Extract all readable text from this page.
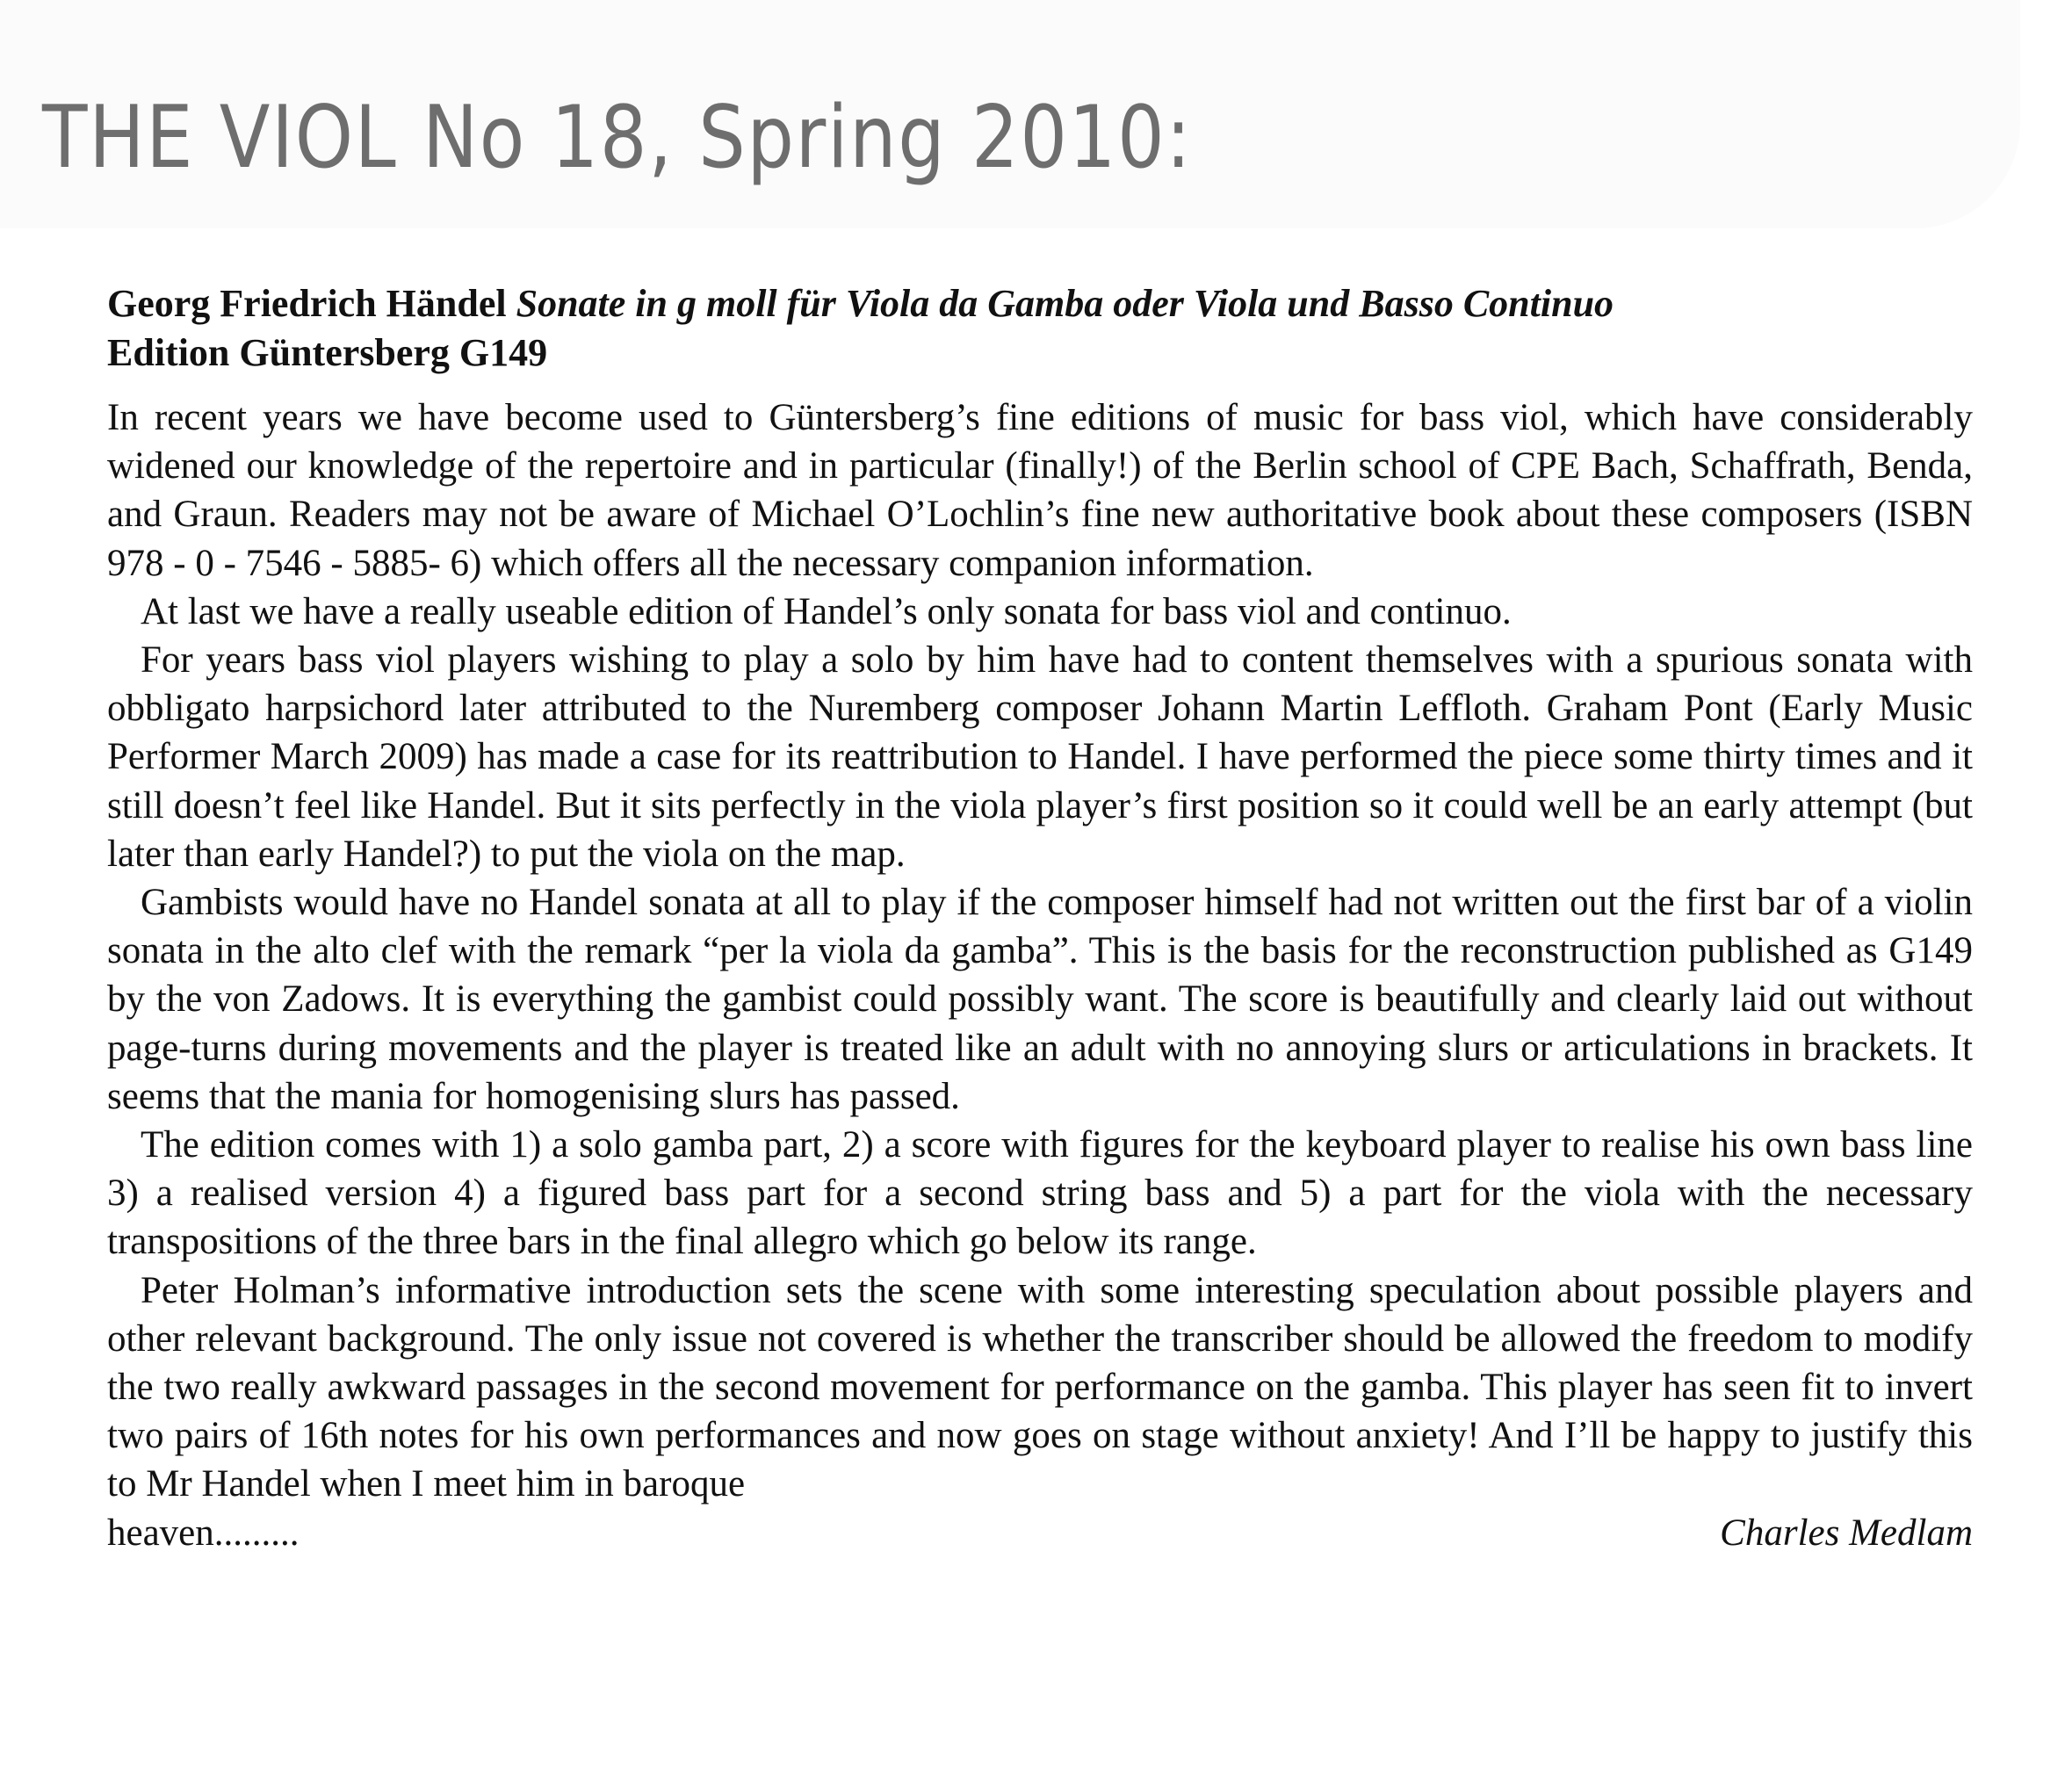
THE VIOL No 18, Spring 2010:
Georg Friedrich Händel Sonate in g moll für Viola da Gamba oder Viola und Basso Continuo
Edition Güntersberg G149

In recent years we have become used to Güntersberg’s fine editions of music for bass viol, which have considerably widened our knowledge of the repertoire and in particular (finally!) of the Berlin school of CPE Bach, Schaffrath, Benda, and Graun. Readers may not be aware of Michael O’Lochlin’s fine new authoritative book about these composers (ISBN 978 - 0 - 7546 - 5885- 6) which offers all the necessary companion information.

At last we have a really useable edition of Handel’s only sonata for bass viol and continuo.

For years bass viol players wishing to play a solo by him have had to content themselves with a spurious sonata with obbligato harpsichord later attributed to the Nuremberg composer Johann Martin Leffloth. Graham Pont (Early Music Performer March 2009) has made a case for its reattribution to Handel. I have performed the piece some thirty times and it still doesn’t feel like Handel. But it sits perfectly in the viola player’s first position so it could well be an early attempt (but later than early Handel?) to put the viola on the map.

Gambists would have no Handel sonata at all to play if the composer himself had not written out the first bar of a violin sonata in the alto clef with the remark “per la viola da gamba”. This is the basis for the reconstruction published as G149 by the von Zadows. It is everything the gambist could possibly want. The score is beautifully and clearly laid out without page-turns during movements and the player is treated like an adult with no annoying slurs or articulations in brackets. It seems that the mania for homogenising slurs has passed.

The edition comes with 1) a solo gamba part, 2) a score with figures for the keyboard player to realise his own bass line 3) a realised version 4) a figured bass part for a second string bass and 5) a part for the viola with the necessary transpositions of the three bars in the final allegro which go below its range.

Peter Holman’s informative introduction sets the scene with some interesting speculation about possible players and other relevant background. The only issue not covered is whether the transcriber should be allowed the freedom to modify the two really awkward passages in the second movement for performance on the gamba. This player has seen fit to invert two pairs of 16th notes for his own performances and now goes on stage without anxiety! And I’ll be happy to justify this to Mr Handel when I meet him in baroque

heaven.........	Charles Medlam
